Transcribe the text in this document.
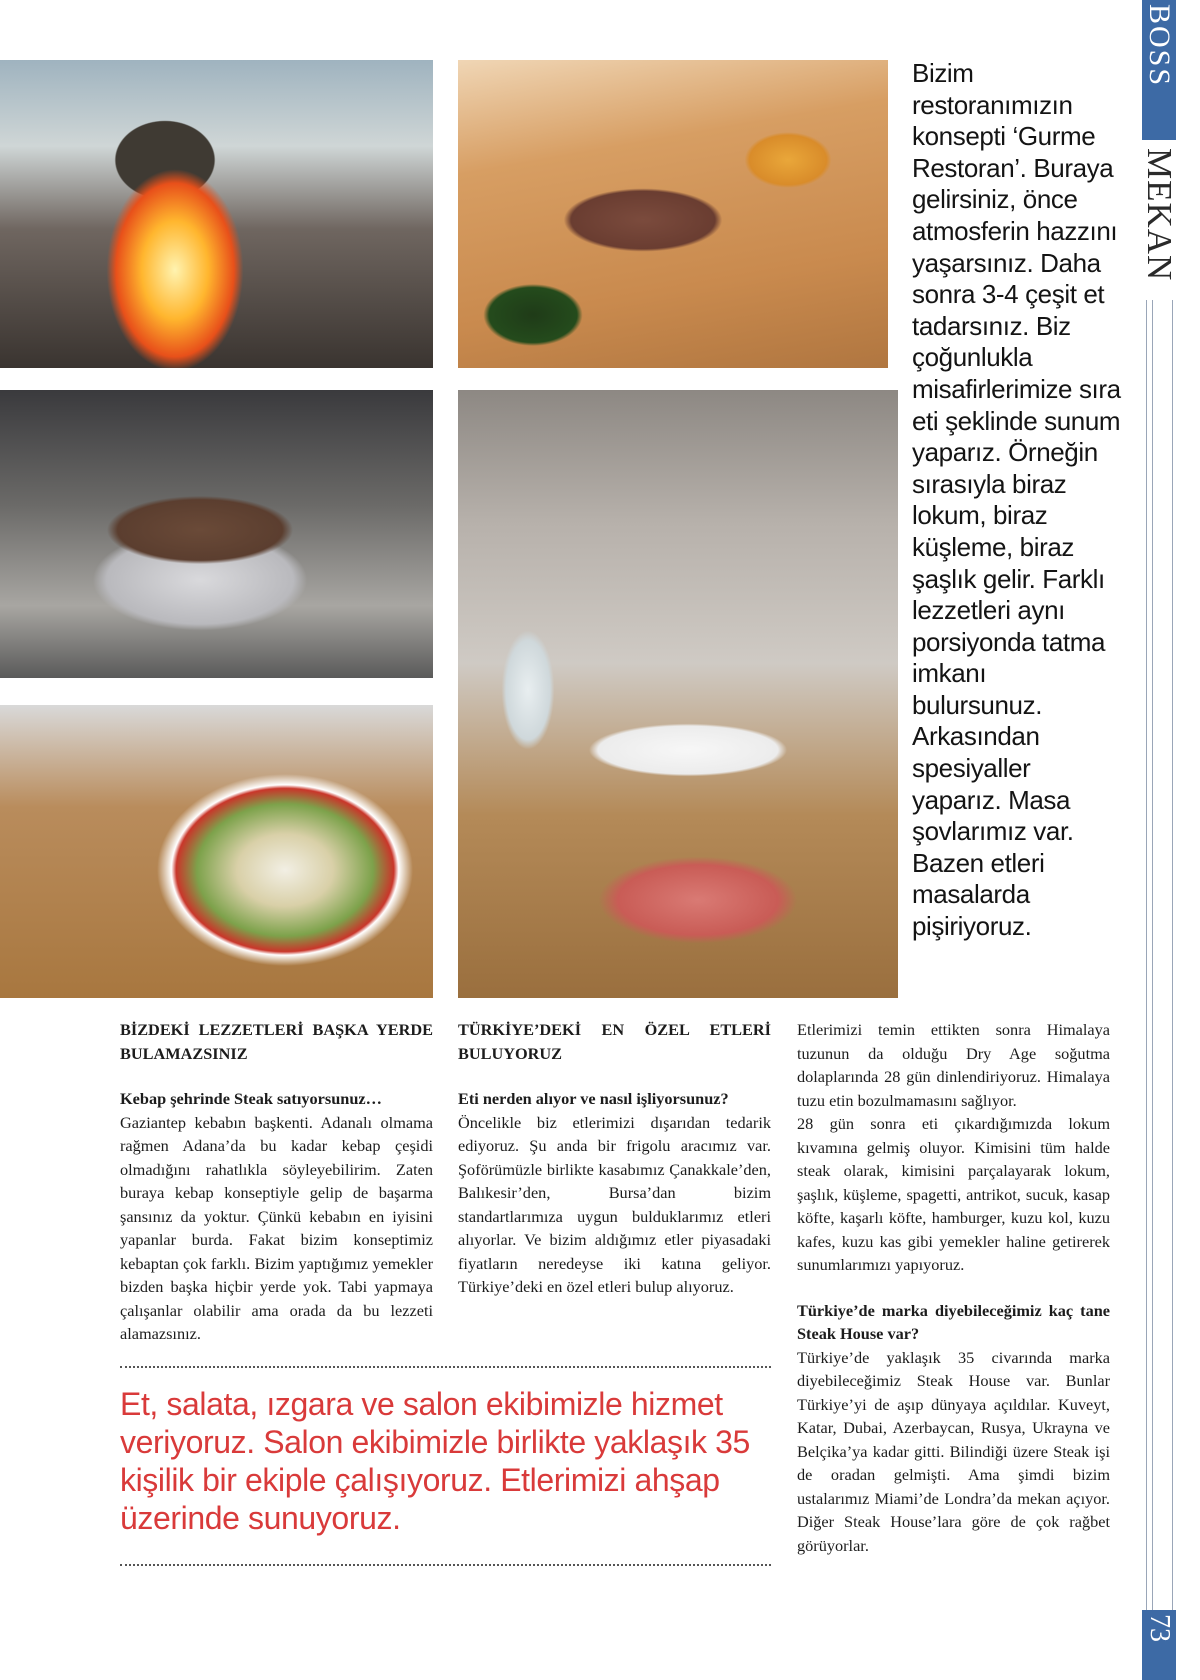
Bizim restoranımızın konsepti ‘Gurme Restoran’. Buraya gelirsiniz, önce atmosferin hazzını yaşarsınız. Daha sonra 3-4 çeşit et tadarsınız. Biz çoğunlukla misafirlerimize sıra eti şeklinde sunum yaparız. Örneğin sırasıyla biraz lokum, biraz küşleme, biraz şaşlık gelir. Farklı lezzetleri aynı porsiyonda tatma imkanı bulursunuz. Arkasından spesiyaller yaparız. Masa şovlarımız var. Bazen etleri masalarda pişiriyoruz.

BOSS
MEKAN
73

BİZDEKİ LEZZETLERİ BAŞKA YERDE BULAMAZSINIZ

Kebap şehrinde Steak satıyorsunuz…

Gaziantep kebabın başkenti. Adanalı olmama rağmen Adana’da bu kadar kebap çeşidi olmadığını rahatlıkla söyleyebilirim. Zaten buraya kebap konseptiyle gelip de başarma şansınız da yoktur. Çünkü kebabın en iyisini yapanlar burda. Fakat bizim konseptimiz kebaptan çok farklı. Bizim yaptığımız yemekler bizden başka hiçbir yerde yok. Tabi yapmaya çalışanlar olabilir ama orada da bu lezzeti alamazsınız.

TÜRKİYE’DEKİ EN ÖZEL ETLERİ BULUYORUZ

Eti nerden alıyor ve nasıl işliyorsunuz?

Öncelikle biz etlerimizi dışarıdan tedarik ediyoruz. Şu anda bir frigolu aracımız var. Şoförümüzle birlikte kasabımız Çanakkale’den, Balıkesir’den, Bursa’dan bizim standartlarımıza uygun bulduklarımız etleri alıyorlar. Ve bizim aldığımız etler piyasadaki fiyatların neredeyse iki katına geliyor. Türkiye’deki en özel etleri bulup alıyoruz.

Etlerimizi temin ettikten sonra Himalaya tuzunun da olduğu Dry Age soğutma dolaplarında 28 gün dinlendiriyoruz. Himalaya tuzu etin bozulmamasını sağlıyor.

28 gün sonra eti çıkardığımızda lokum kıvamına gelmiş oluyor. Kimisini tüm halde steak olarak, kimisini parçalayarak lokum, şaşlık, küşleme, spagetti, antrikot, sucuk, kasap köfte, kaşarlı köfte, hamburger, kuzu kol, kuzu kafes, kuzu kas gibi yemekler haline getirerek sunumlarımızı yapıyoruz.

Türkiye’de marka diyebileceğimiz kaç tane Steak House var?

Türkiye’de yaklaşık 35 civarında marka diyebileceğimiz Steak House var. Bunlar Türkiye’yi de aşıp dünyaya açıldılar. Kuveyt, Katar, Dubai, Azerbaycan, Rusya, Ukrayna ve Belçika’ya kadar gitti. Bilindiği üzere Steak işi de oradan gelmişti. Ama şimdi bizim ustalarımız Miami’de Londra’da mekan açıyor. Diğer Steak House’lara göre de çok rağbet görüyorlar.

Et, salata, ızgara ve salon ekibimizle hizmet veriyoruz. Salon ekibimizle birlikte yaklaşık 35 kişilik bir ekiple çalışıyoruz. Etlerimizi ahşap üzerinde sunuyoruz.
